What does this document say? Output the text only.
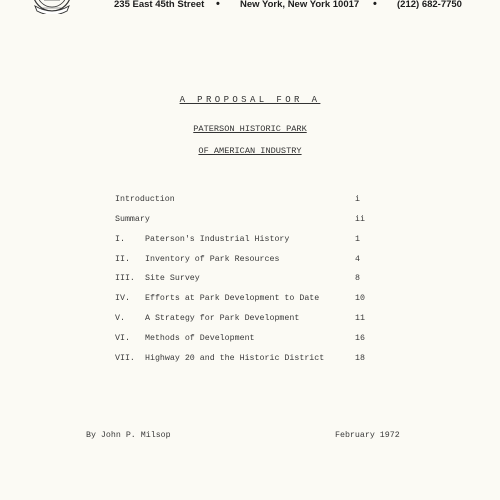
235 East 45th Street • New York, New York 10017 • (212) 682-7750
A PROPOSAL FOR A
PATERSON HISTORIC PARK
OF AMERICAN INDUSTRY
Introduction	i
Summary	ii
I. Paterson's Industrial History	1
II. Inventory of Park Resources	4
III. Site Survey	8
IV. Efforts at Park Development to Date	10
V. A Strategy for Park Development	11
VI. Methods of Development	16
VII. Highway 20 and the Historic District	18
By John P. Milsop	February 1972
